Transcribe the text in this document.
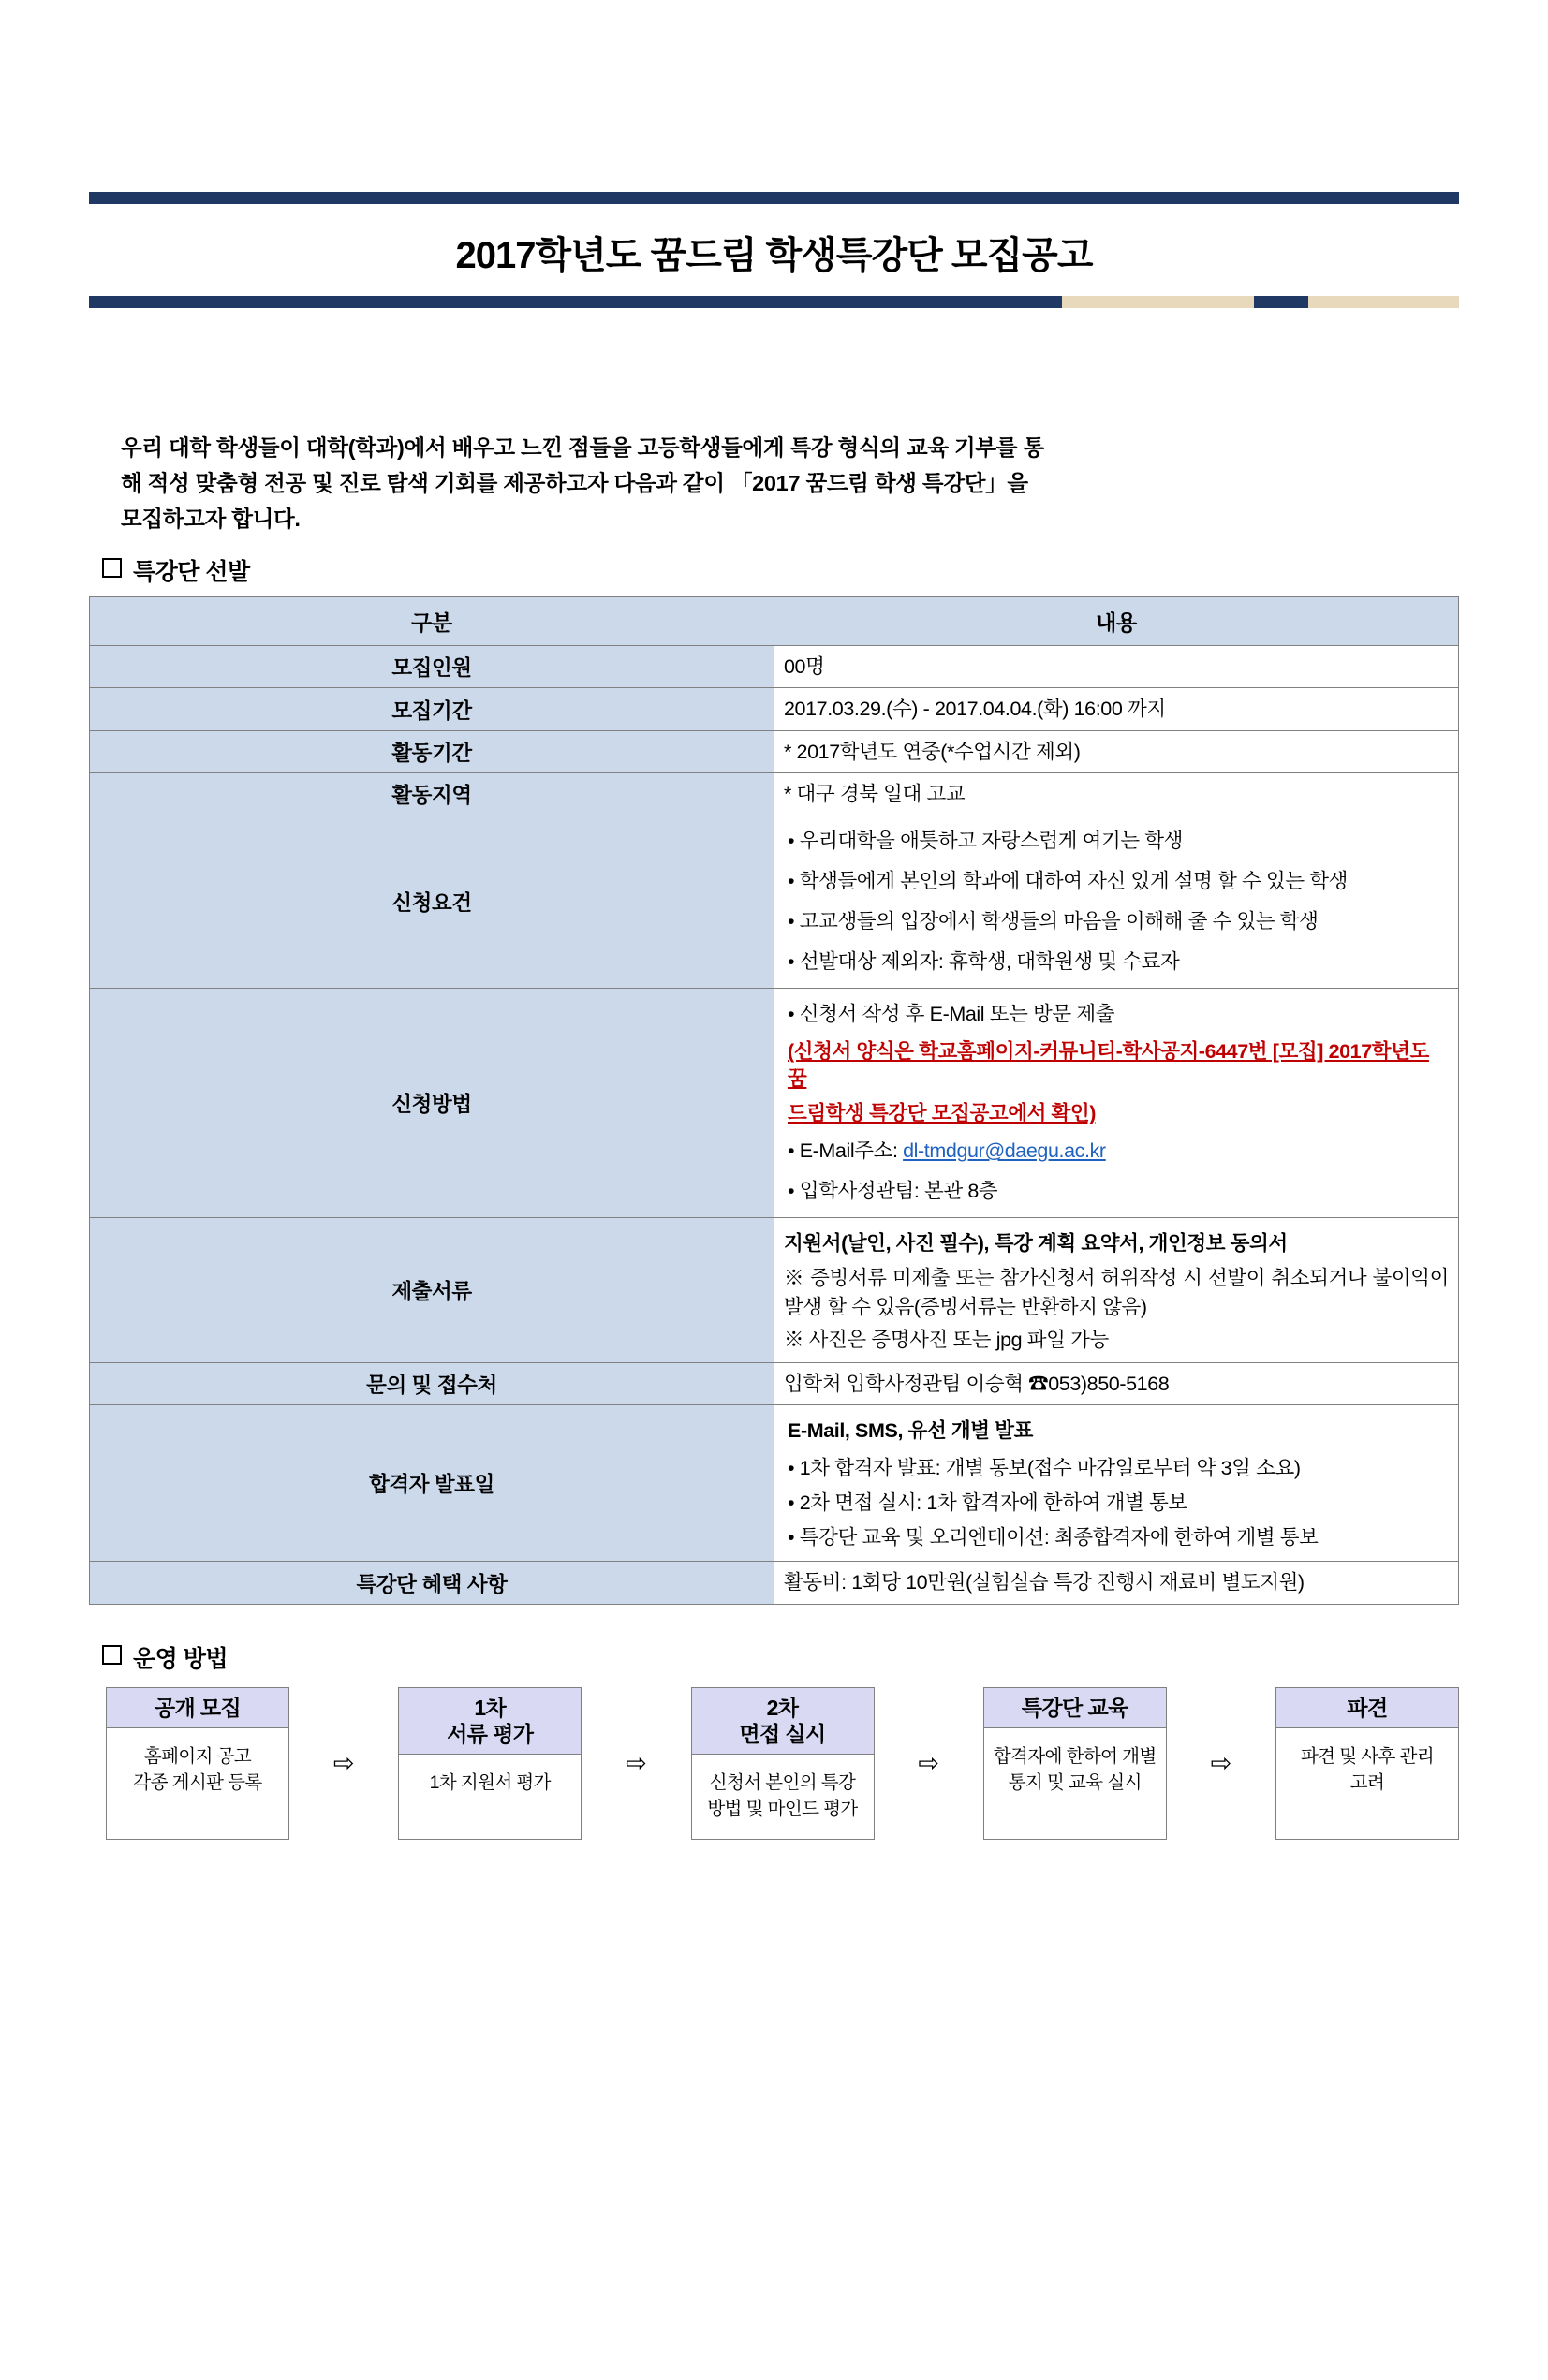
2017학년도 꿈드림 학생특강단 모집공고
우리 대학 학생들이 대학(학과)에서 배우고 느낀 점들을 고등학생들에게 특강 형식의 교육 기부를 통
해 적성 맞춤형 전공 및 진로 탐색 기회를 제공하고자 다음과 같이 「2017 꿈드림 학생 특강단」을
모집하고자 합니다.
특강단 선발
구분	내용
모집인원	00명
모집기간	2017.03.29.(수) - 2017.04.04.(화) 16:00 까지
활동기간	* 2017학년도 연중(*수업시간 제외)
활동지역	* 대구 경북 일대 고교
신청요건	• 우리대학을 애틋하고 자랑스럽게 여기는 학생

• 학생들에게 본인의 학과에 대하여 자신 있게 설명 할 수 있는 학생

• 고교생들의 입장에서 학생들의 마음을 이해해 줄 수 있는 학생

• 선발대상 제외자: 휴학생, 대학원생 및 수료자

신청방법	• 신청서 작성 후 E-Mail 또는 방문 제출

(신청서 양식은 학교홈페이지-커뮤니티-학사공지-6447번 [모집] 2017학년도 꿈

드림학생 특강단 모집공고에서 확인)

• E-Mail주소: dl-tmdgur@daegu.ac.kr

• 입학사정관팀: 본관 8층

제출서류	지원서(날인, 사진 필수), 특강 계획 요약서, 개인정보 동의서

※ 증빙서류 미제출 또는 참가신청서 허위작성 시 선발이 취소되거나 불이익이 발생 할 수 있음(증빙서류는 반환하지 않음)

※ 사진은 증명사진 또는 jpg 파일 가능

문의 및 접수처	입학처 입학사정관팀 이승혁 ☎053)850-5168
합격자 발표일	E-Mail, SMS, 유선 개별 발표

• 1차 합격자 발표: 개별 통보(접수 마감일로부터 약 3일 소요)

• 2차 면접 실시: 1차 합격자에 한하여 개별 통보

• 특강단 교육 및 오리엔테이션: 최종합격자에 한하여 개별 통보

특강단 혜택 사항	활동비: 1회당 10만원(실험실습 특강 진행시 재료비 별도지원)
운영 방법
공개 모집
홈페이지 공고
각종 게시판 등록
⇨
1차
서류 평가
1차 지원서 평가
⇨
2차
면접 실시
신청서 본인의 특강
방법 및 마인드 평가
⇨
특강단 교육
합격자에 한하여 개별
통지 및 교육 실시
⇨
파견
파견 및 사후 관리
고려
